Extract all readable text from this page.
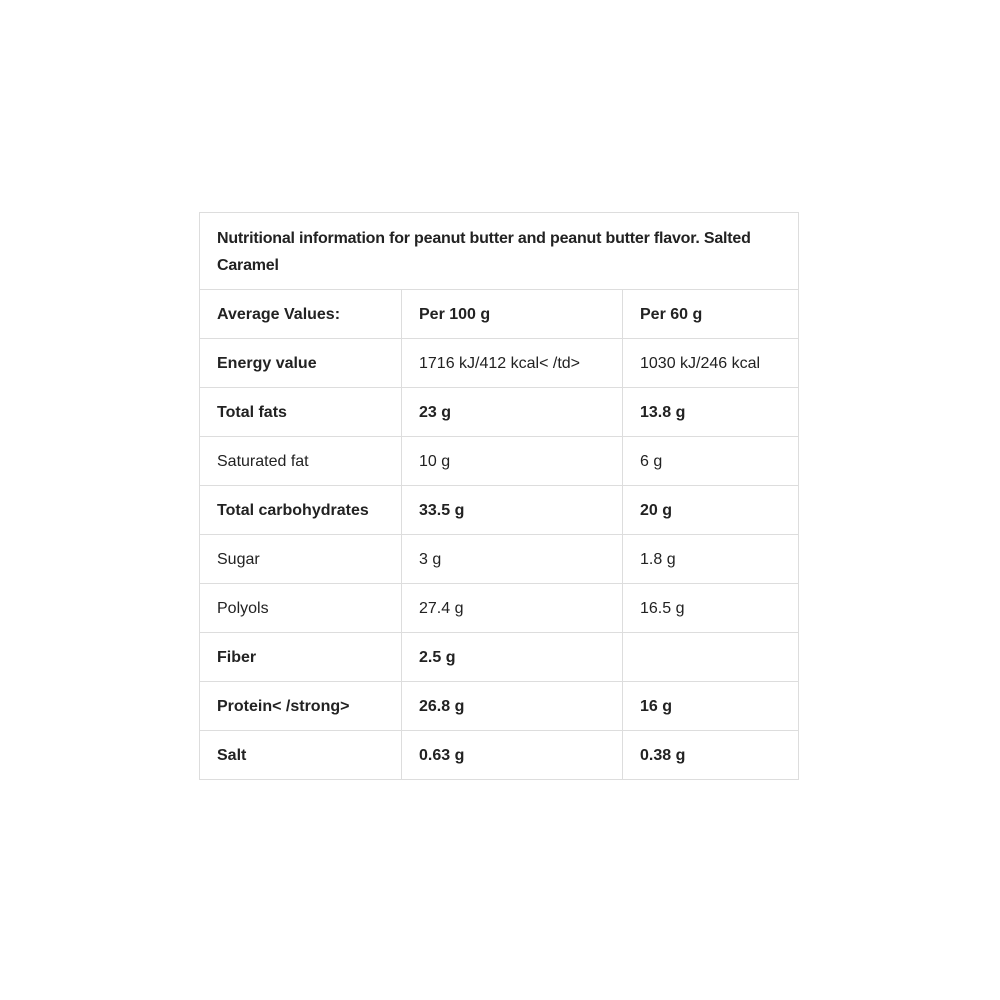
Nutritional information for peanut butter and peanut butter flavor. Salted Caramel		
Average Values:	Per 100 g	Per 60 g
Energy value	1716 kJ/412 kcal< /td>	1030 kJ/246 kcal
Total fats	23 g	13.8 g
Saturated fat	10 g	6 g
Total carbohydrates	33.5 g	20 g
Sugar	3 g	1.8 g
Polyols	27.4 g	16.5 g
Fiber	2.5 g	
Protein< /strong>	26.8 g	16 g
Salt	0.63 g	0.38 g
